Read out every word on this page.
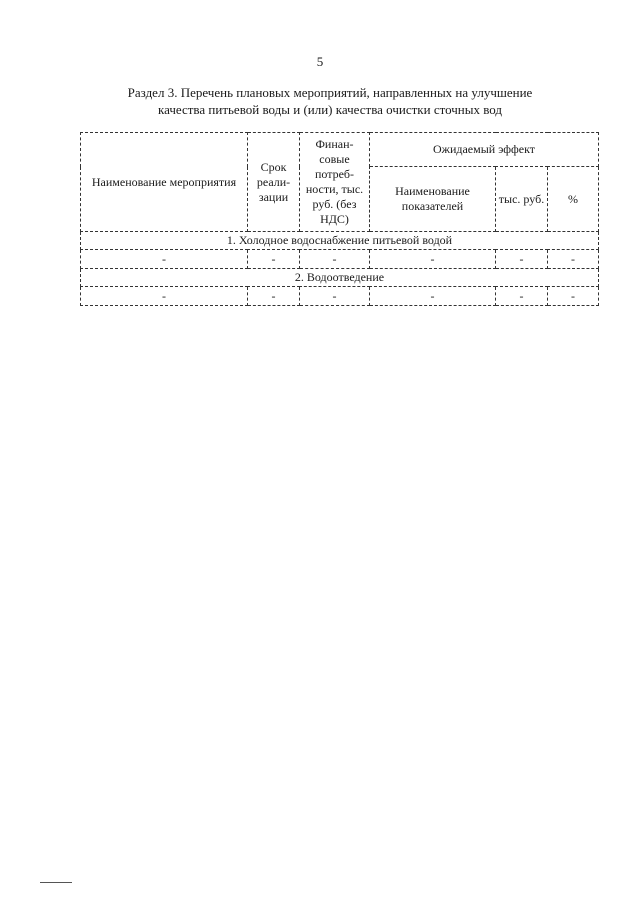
5
Раздел 3. Перечень плановых мероприятий, направленных на улучшение
качества питьевой воды и (или) качества очистки сточных вод
Наименование мероприятия	Срок реали- зации	Финан- совые потреб- ности, тыс. руб. (без НДС)	Ожидаемый эффект		
			Наименование показателей	тыс. руб.	%
1. Холодное водоснабжение питьевой водой					
-	-	-	-	-	-
2. Водоотведение					
-	-	-	-	-	-
